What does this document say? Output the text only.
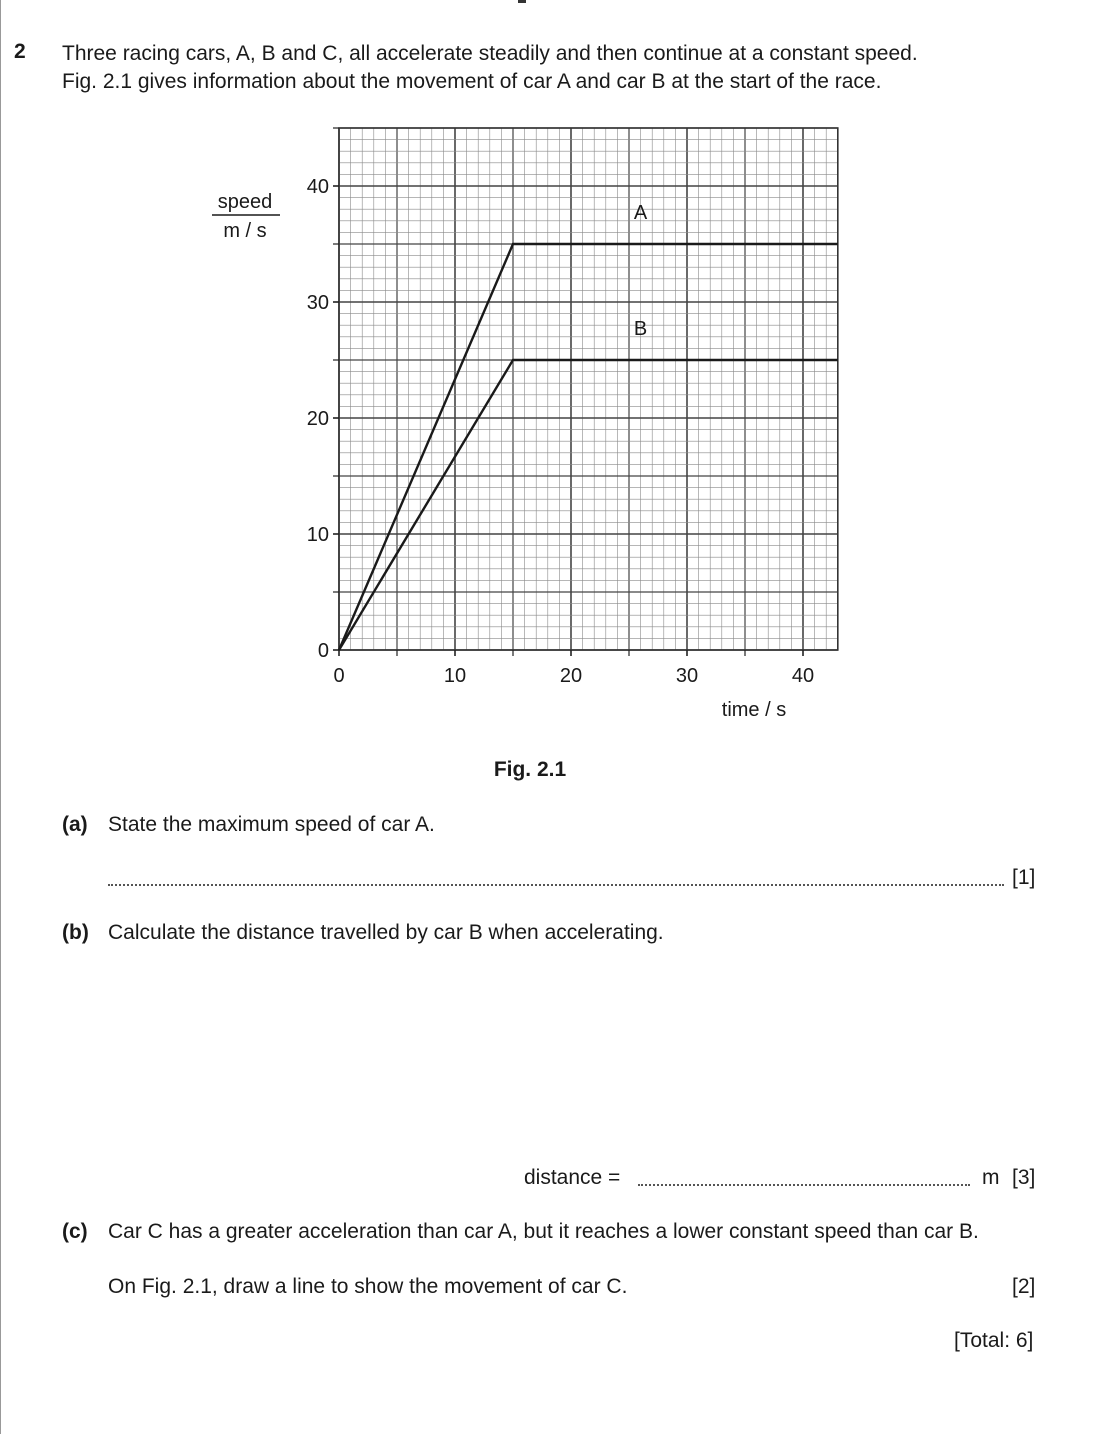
2 Three racing cars, A, B and C, all accelerate steadily and then continue at a constant speed.
Fig. 2.1 gives information about the movement of car A and car B at the start of the race.
0
10
20
30
40
0	10	20	30	40
time / s
speed
m / s
A
B
Fig. 2.1
(a) State the maximum speed of car A.
[1]
(b) Calculate the distance travelled by car B when accelerating.
distance =	m [3]
(c) Car C has a greater acceleration than car A, but it reaches a lower constant speed than car B.
On Fig. 2.1, draw a line to show the movement of car C.	[2]
[Total: 6]
